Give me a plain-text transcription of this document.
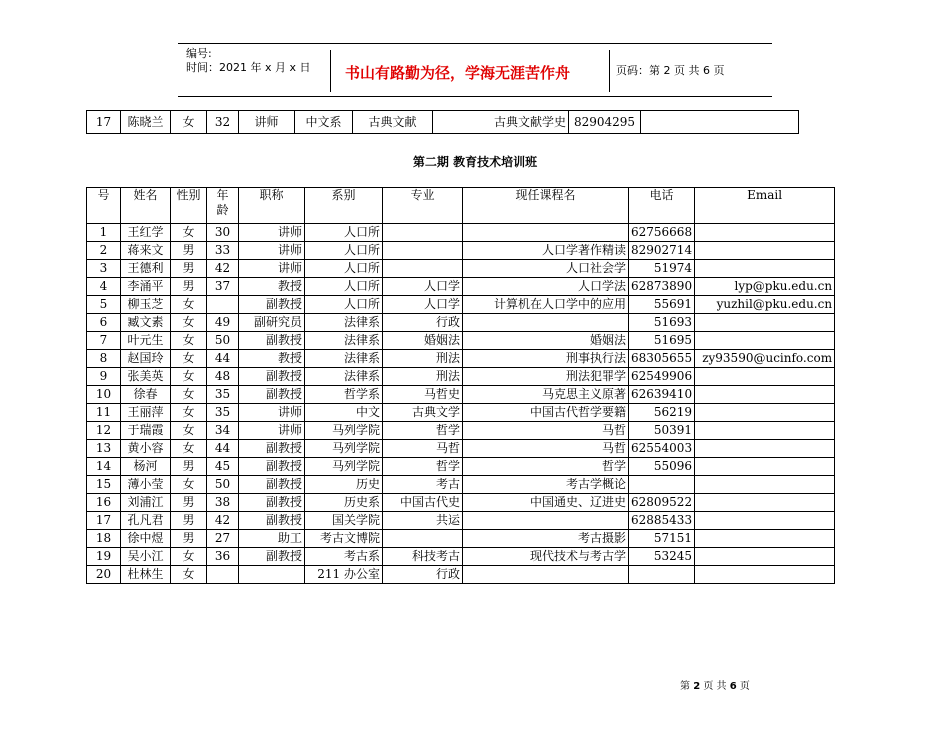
编号:
时间：2021 年 x 月 x 日 书山有路勤为径，学海无涯苦作舟	页码：第 2 页 共 6 页
17	陈晓兰	女	32	讲师	中文系	古典文献	古典文献学史	82904295	
第二期 教育技术培训班
号	姓名	性别	年龄	职称	系别	专业	现任课程名	电话	Email
1	王红学	女	30	讲师	人口所			62756668	
2	蒋来文	男	33	讲师	人口所		人口学著作精读	82902714	
3	王德利	男	42	讲师	人口所		人口社会学	51974	
4	李涌平	男	37	教授	人口所	人口学	人口学法	62873890	lyp@pku.edu.cn
5	柳玉芝	女		副教授	人口所	人口学	计算机在人口学中的应用	55691	yuzhil@pku.edu.cn
6	臧文素	女	49	副研究员	法律系	行政		51693	
7	叶元生	女	50	副教授	法律系	婚姻法	婚姻法	51695	
8	赵国玲	女	44	教授	法律系	刑法	刑事执行法	68305655	zy93590@ucinfo.com
9	张美英	女	48	副教授	法律系	刑法	刑法犯罪学	62549906	
10	徐春	女	35	副教授	哲学系	马哲史	马克思主义原著	62639410	
11	王丽萍	女	35	讲师	中文	古典文学	中国古代哲学要籍	56219	
12	于瑞霞	女	34	讲师	马列学院	哲学	马哲	50391	
13	黄小容	女	44	副教授	马列学院	马哲	马哲	62554003	
14	杨河	男	45	副教授	马列学院	哲学	哲学	55096	
15	薄小莹	女	50	副教授	历史	考古	考古学概论		
16	刘浦江	男	38	副教授	历史系	中国古代史	中国通史、辽进史	62809522	
17	孔凡君	男	42	副教授	国关学院	共运		62885433	
18	徐中煜	男	27	助工	考古文博院		考古摄影	57151	
19	吴小江	女	36	副教授	考古系	科技考古	现代技术与考古学	53245	
20	杜林生	女			211 办公室	行政			
第 2 页 共 6 页
